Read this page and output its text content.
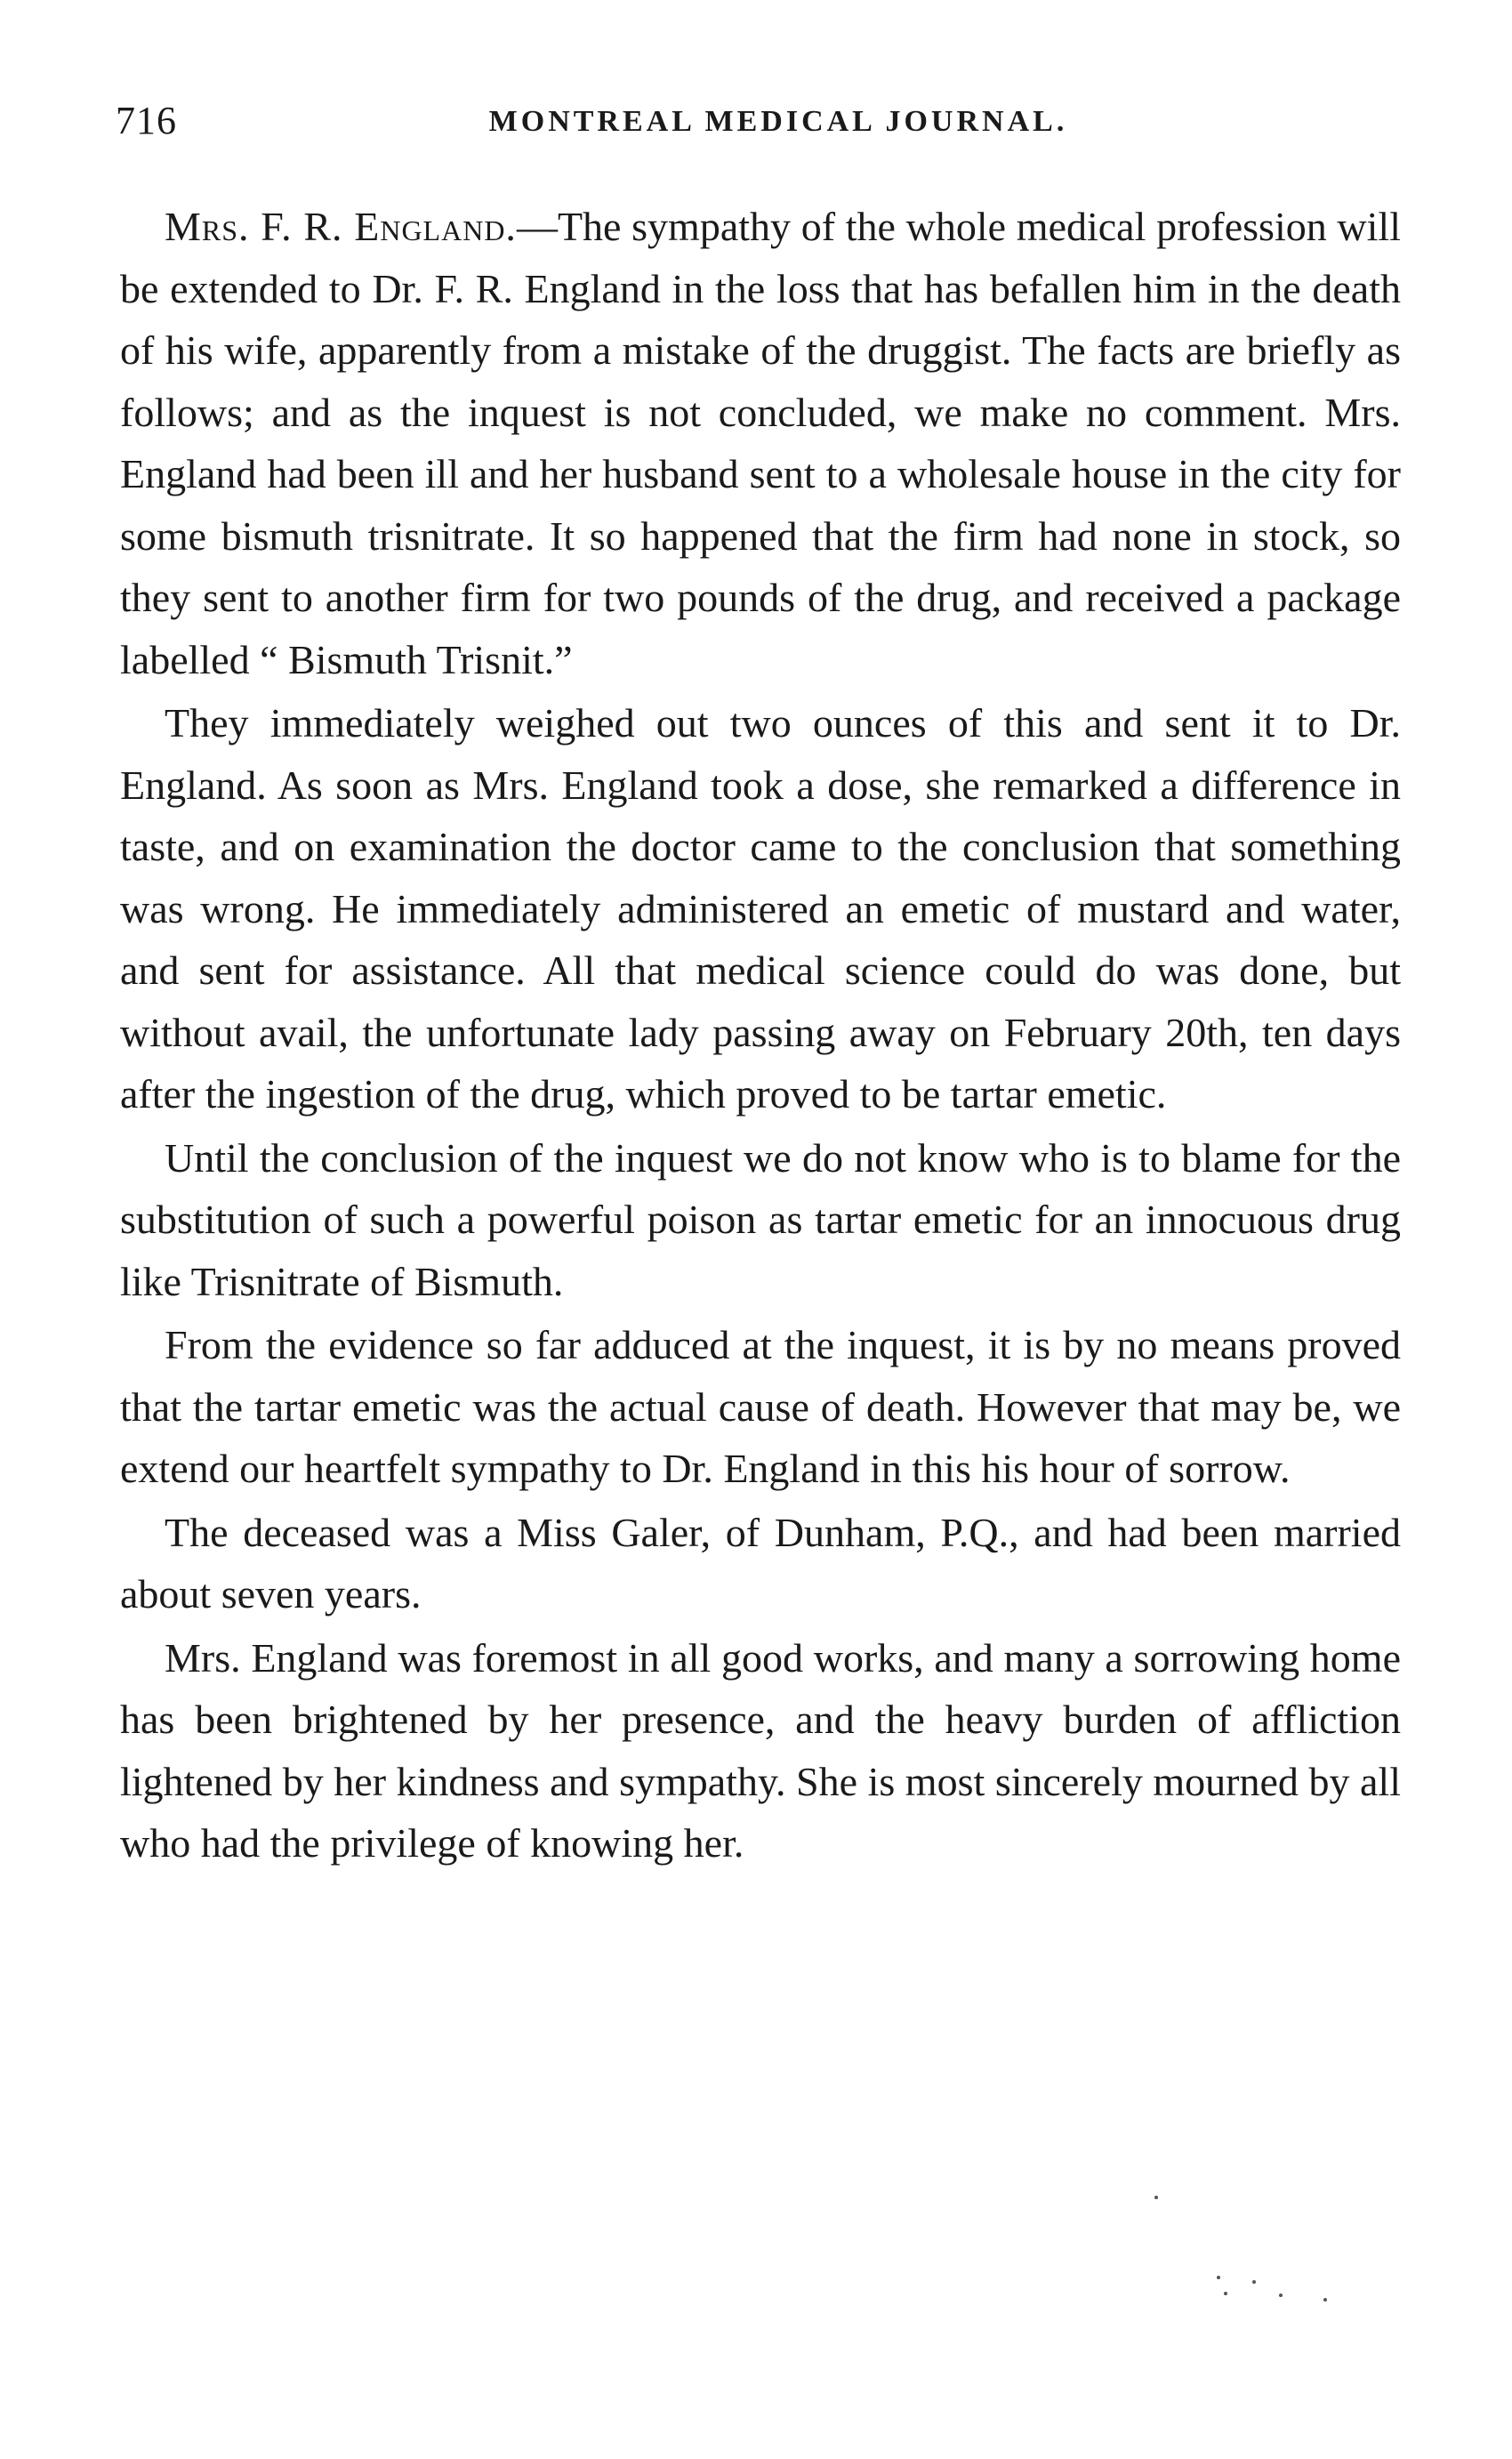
716	MONTREAL MEDICAL JOURNAL.

Mrs. F. R. England.—The sympathy of the whole medical profession will be extended to Dr. F. R. England in the loss that has befallen him in the death of his wife, apparently from a mistake of the druggist. The facts are briefly as follows; and as the inquest is not concluded, we make no comment. Mrs. England had been ill and her husband sent to a wholesale house in the city for some bismuth trisnitrate. It so happened that the firm had none in stock, so they sent to another firm for two pounds of the drug, and received a package labelled “ Bismuth Trisnit.”

They immediately weighed out two ounces of this and sent it to Dr. England. As soon as Mrs. England took a dose, she remarked a difference in taste, and on examination the doctor came to the conclusion that something was wrong. He immediately administered an emetic of mustard and water, and sent for assistance. All that medical science could do was done, but without avail, the unfortunate lady passing away on February 20th, ten days after the ingestion of the drug, which proved to be tartar emetic.

Until the conclusion of the inquest we do not know who is to blame for the substitution of such a powerful poison as tartar emetic for an innocuous drug like Trisnitrate of Bismuth.

From the evidence so far adduced at the inquest, it is by no means proved that the tartar emetic was the actual cause of death. However that may be, we extend our heartfelt sympathy to Dr. England in this his hour of sorrow.

The deceased was a Miss Galer, of Dunham, P.Q., and had been married about seven years.

Mrs. England was foremost in all good works, and many a sorrowing home has been brightened by her presence, and the heavy burden of affliction lightened by her kindness and sympathy. She is most sincerely mourned by all who had the privilege of knowing her.
